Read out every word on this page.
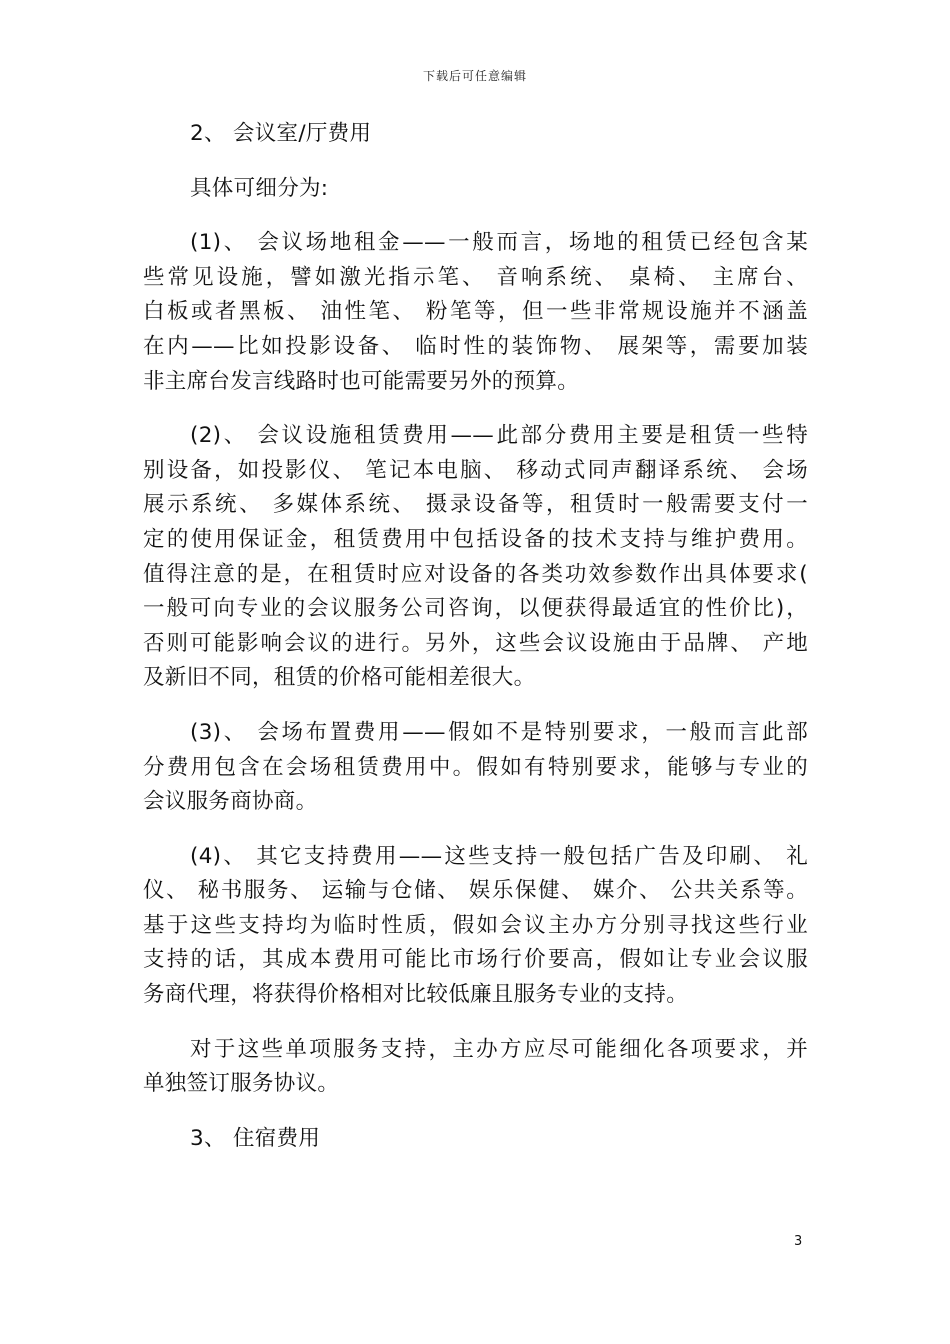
下载后可任意编辑
2、 会议室/厅费用
具体可细分为:
(1)、 会议场地租金——一般而言，场地的租赁已经包含某
些常见设施，譬如激光指示笔、 音响系统、 桌椅、 主席台、
白板或者黑板、 油性笔、 粉笔等，但一些非常规设施并不涵盖
在内——比如投影设备、 临时性的装饰物、 展架等，需要加装
非主席台发言线路时也可能需要另外的预算。
(2)、 会议设施租赁费用——此部分费用主要是租赁一些特
别设备，如投影仪、 笔记本电脑、 移动式同声翻译系统、 会场
展示系统、 多媒体系统、 摄录设备等，租赁时一般需要支付一
定的使用保证金，租赁费用中包括设备的技术支持与维护费用。
值得注意的是，在租赁时应对设备的各类功效参数作出具体要求(
一般可向专业的会议服务公司咨询，以便获得最适宜的性价比)，
否则可能影响会议的进行。另外，这些会议设施由于品牌、 产地
及新旧不同，租赁的价格可能相差很大。
(3)、 会场布置费用——假如不是特别要求，一般而言此部
分费用包含在会场租赁费用中。假如有特别要求，能够与专业的
会议服务商协商。
(4)、 其它支持费用——这些支持一般包括广告及印刷、 礼
仪、 秘书服务、 运输与仓储、 娱乐保健、 媒介、 公共关系等。
基于这些支持均为临时性质，假如会议主办方分别寻找这些行业
支持的话，其成本费用可能比市场行价要高，假如让专业会议服
务商代理，将获得价格相对比较低廉且服务专业的支持。
对于这些单项服务支持，主办方应尽可能细化各项要求，并
单独签订服务协议。
3、 住宿费用
3
